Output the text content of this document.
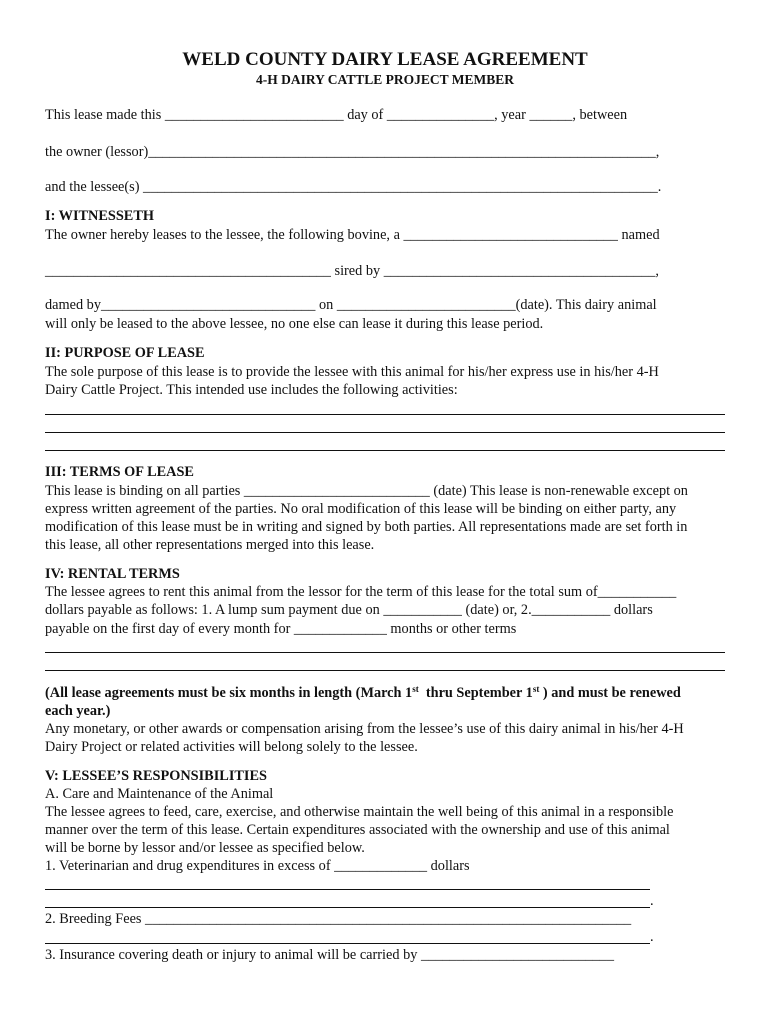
WELD COUNTY DAIRY LEASE AGREEMENT
4-H DAIRY CATTLE PROJECT MEMBER
This lease made this _________________________ day of _______________, year ______, between
the owner (lessor)_______________________________________________________________________,
and the lessee(s) ________________________________________________________________________.
I: WITNESSETH
The owner hereby leases to the lessee, the following bovine, a ______________________________ named
________________________________________ sired by ______________________________________,
damed by______________________________ on _________________________(date). This dairy animal
will only be leased to the above lessee, no one else can lease it during this lease period.
II: PURPOSE OF LEASE
The sole purpose of this lease is to provide the lessee with this animal for his/her express use in his/her 4-H
Dairy Cattle Project. This intended use includes the following activities:
III: TERMS OF LEASE
This lease is binding on all parties __________________________ (date) This lease is non-renewable except on
express written agreement of the parties. No oral modification of this lease will be binding on either party, any
modification of this lease must be in writing and signed by both parties. All representations made are set forth in
this lease, all other representations merged into this lease.
IV: RENTAL TERMS
The lessee agrees to rent this animal from the lessor for the term of this lease for the total sum of___________
dollars payable as follows: 1. A lump sum payment due on ___________ (date) or, 2.___________ dollars
payable on the first day of every month for _____________ months or other terms
(All lease agreements must be six months in length (March 1st  thru September 1st ) and must be renewed
each year.)
Any monetary, or other awards or compensation arising from the lessee’s use of this dairy animal in his/her 4-H
Dairy Project or related activities will belong solely to the lessee.
V: LESSEE’S RESPONSIBILITIES
A. Care and Maintenance of the Animal
The lessee agrees to feed, care, exercise, and otherwise maintain the well being of this animal in a responsible
manner over the term of this lease. Certain expenditures associated with the ownership and use of this animal
will be borne by lessor and/or lessee as specified below.
1. Veterinarian and drug expenditures in excess of _____________ dollars
.
2. Breeding Fees ____________________________________________________________________
.
3. Insurance covering death or injury to animal will be carried by ___________________________
